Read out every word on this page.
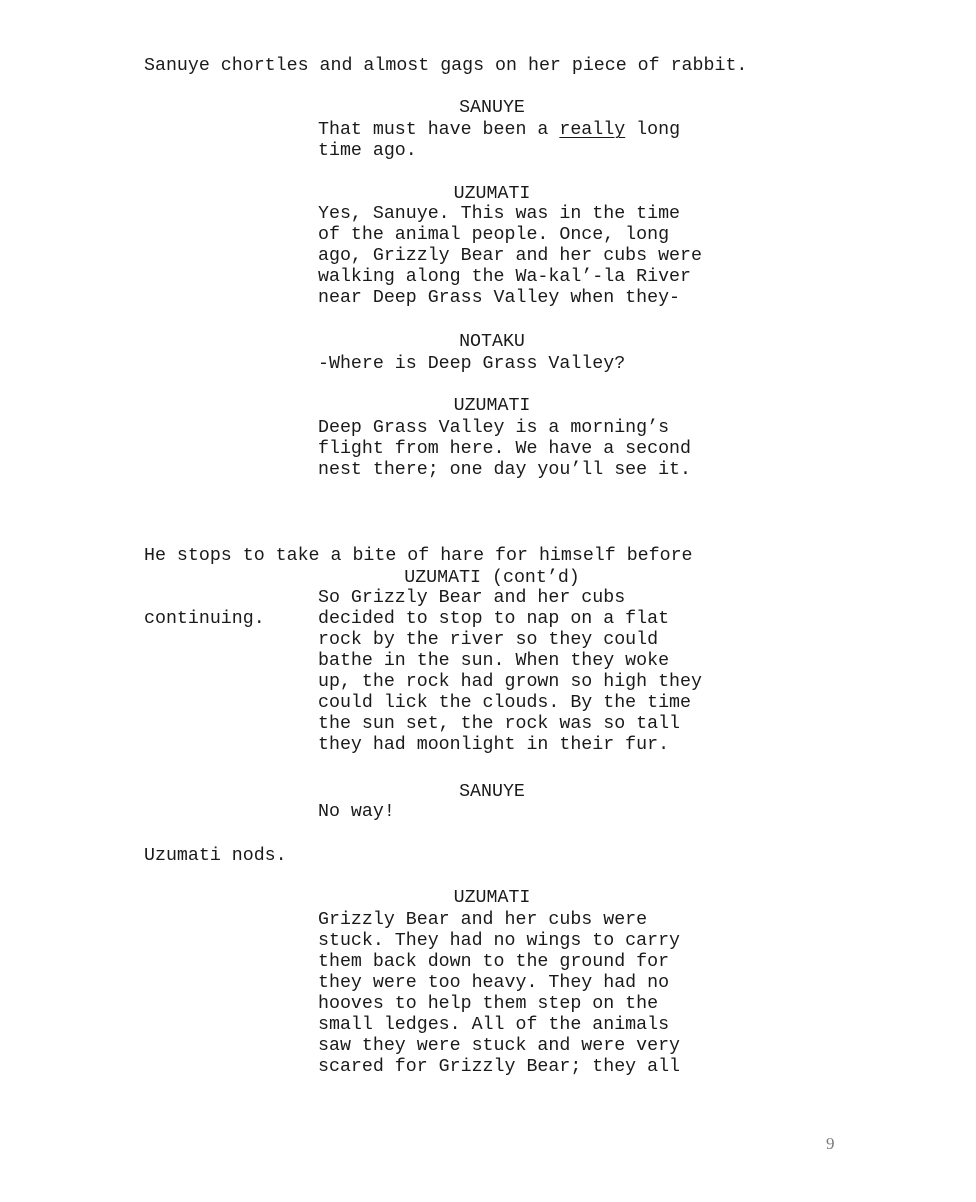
Sanuye chortles and almost gags on her piece of rabbit.
SANUYE
That must have been a really long
time ago.
UZUMATI
Yes, Sanuye. This was in the time
of the animal people. Once, long
ago, Grizzly Bear and her cubs were
walking along the Wa-kal’-la River
near Deep Grass Valley when they-
NOTAKU
-Where is Deep Grass Valley?
UZUMATI
Deep Grass Valley is a morning’s
flight from here. We have a second
nest there; one day you’ll see it.

He stops to take a bite of hare for himself before

continuing.

UZUMATI (cont’d)
So Grizzly Bear and her cubs
decided to stop to nap on a flat
rock by the river so they could
bathe in the sun. When they woke
up, the rock had grown so high they
could lick the clouds. By the time
the sun set, the rock was so tall
they had moonlight in their fur.
SANUYE
No way!
Uzumati nods.
UZUMATI
Grizzly Bear and her cubs were
stuck. They had no wings to carry
them back down to the ground for
they were too heavy. They had no
hooves to help them step on the
small ledges. All of the animals
saw they were stuck and were very
scared for Grizzly Bear; they all
9
